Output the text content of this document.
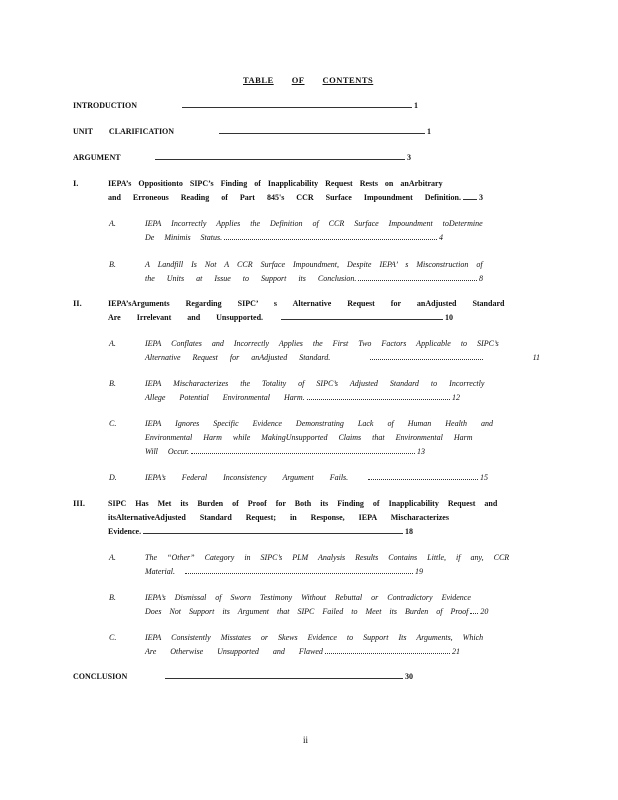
TABLE OF CONTENTS
INTRODUCTION	1
UNIT CLARIFICATION	1
ARGUMENT	3
I.	IEPA’s Oppositionto SIPC’s Finding of Inapplicability Request Rests on anArbitrary
and Erroneous Reading of Part 845's CCR Surface Impoundment Definition. 3
A.	IEPA Incorrectly Applies the Definition of CCR Surface Impoundment toDetermine
De Minimis Status.	4
B.	A Landfill Is Not A CCR Surface Impoundment, Despite IEPA’ s Misconstruction of
the Units at Issue to Support its Conclusion.	8
II.	IEPA’sArguments Regarding SIPC’ s Alternative Request for anAdjusted Standard
Are Irrelevant and Unsupported.	10
A.	IEPA Conflates and Incorrectly Applies the First Two Factors Applicable to SIPC’s
Alternative Request for anAdjusted Standard.	11
B.	IEPA Mischaracterizes the Totality of SIPC’s Adjusted Standard to Incorrectly
Allege Potential Environmental Harm.	12
C.	IEPA Ignores Specific Evidence Demonstrating Lack of Human Health and
Environmental Harm while MakingUnsupported Claims that Environmental Harm
Will Occur.	13
D.	IEPA’s Federal Inconsistency Argument Fails.	15
III.	SIPC Has Met its Burden of Proof for Both its Finding of Inapplicability Request and
itsAlternativeAdjusted Standard Request; in Response, IEPA Mischaracterizes
Evidence.	18
A.	The “Other” Category in SIPC’s PLM Analysis Results Contains Little, if any, CCR
Material.	19
B.	IEPA’s Dismissal of Sworn Testimony Without Rebuttal or Contradictory Evidence
Does Not Support its Argument that SIPC Failed to Meet its Burden of Proof 20
C.	IEPA Consistently Misstates or Skews Evidence to Support Its Arguments, Which
Are Otherwise Unsupported and Flawed	21
CONCLUSION	30
ii
